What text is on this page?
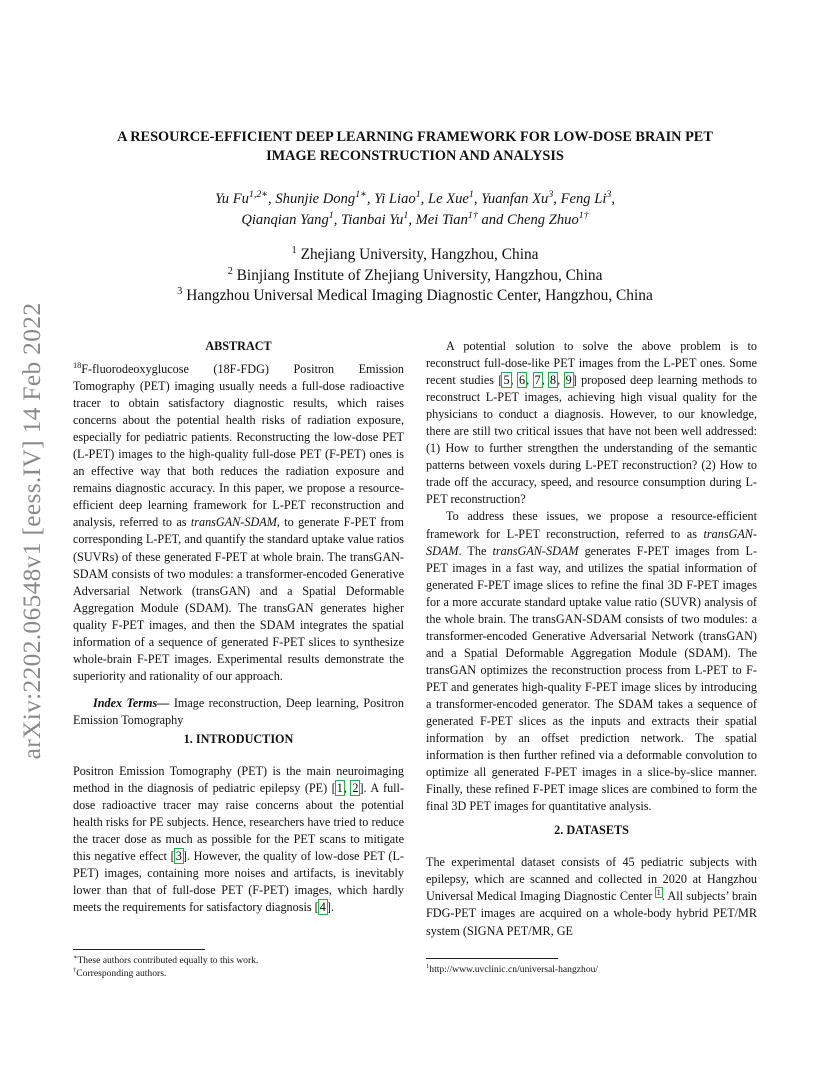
arXiv:2202.06548v1 [eess.IV] 14 Feb 2022
A RESOURCE-EFFICIENT DEEP LEARNING FRAMEWORK FOR LOW-DOSE BRAIN PET
IMAGE RECONSTRUCTION AND ANALYSIS
Yu $Fu^{1,2∗}$, Shunjie Dong$^{1∗}$, Yi Liao$^1$, Le Xue$^1$, Yuanfan Xu$^3$, Feng Li$^3$,
Qianqian Yang$^1$, Tianbai Yu$^1$, Mei Tian$^{1\dagger}$ and Cheng Zhuo$^{1\dagger}$
$^1$ Zhejiang University, Hangzhou, China
$^2$ Binjiang Institute of Zhejiang University, Hangzhou, China
$^3$ Hangzhou Universal Medical Imaging Diagnostic Center, Hangzhou, China
ABSTRACT

$^{18}$F-fluorodeoxyglucose (18F-FDG) Positron Emission Tomography (PET) imaging usually needs a full-dose radioactive tracer to obtain satisfactory diagnostic results, which raises concerns about the potential health risks of radiation exposure, especially for pediatric patients. Reconstructing the low-dose PET (L-PET) images to the high-quality full-dose PET (F-PET) ones is an effective way that both reduces the radiation exposure and remains diagnostic accuracy. In this paper, we propose a resource-efficient deep learning framework for L-PET reconstruction and analysis, referred to as transGAN-SDAM, to generate F-PET from corresponding L-PET, and quantify the standard uptake value ratios (SUVRs) of these generated F-PET at whole brain. The transGAN-SDAM consists of two modules: a transformer-encoded Generative Adversarial Network (transGAN) and a Spatial Deformable Aggregation Module (SDAM). The transGAN generates higher quality F-PET images, and then the SDAM integrates the spatial information of a sequence of generated F-PET slices to synthesize whole-brain F-PET images. Experimental results demonstrate the superiority and rationality of our approach.

Index Terms— Image reconstruction, Deep learning, Positron Emission Tomography

1. INTRODUCTION

Positron Emission Tomography (PET) is the main neuroimaging method in the diagnosis of pediatric epilepsy (PE) [1, 2]. A full-dose radioactive tracer may raise concerns about the potential health risks for PE subjects. Hence, researchers have tried to reduce the tracer dose as much as possible for the PET scans to mitigate this negative effect [3]. However, the quality of low-dose PET (L-PET) images, containing more noises and artifacts, is inevitably lower than that of full-dose PET (F-PET) images, which hardly meets the requirements for satisfactory diagnosis [4].

A potential solution to solve the above problem is to reconstruct full-dose-like PET images from the L-PET ones. Some recent studies [5, 6, 7, 8, 9] proposed deep learning methods to reconstruct L-PET images, achieving high visual quality for the physicians to conduct a diagnosis. However, to our knowledge, there are still two critical issues that have not been well addressed: (1) How to further strengthen the understanding of the semantic patterns between voxels during L-PET reconstruction? (2) How to trade off the accuracy, speed, and resource consumption during L-PET reconstruction?

To address these issues, we propose a resource-efficient framework for L-PET reconstruction, referred to as transGAN-SDAM. The transGAN-SDAM generates F-PET images from L-PET images in a fast way, and utilizes the spatial information of generated F-PET image slices to refine the final 3D F-PET images for a more accurate standard uptake value ratio (SUVR) analysis of the whole brain. The transGAN-SDAM consists of two modules: a transformer-encoded Generative Adversarial Network (transGAN) and a Spatial Deformable Aggregation Module (SDAM). The transGAN optimizes the reconstruction process from L-PET to F-PET and generates high-quality F-PET image slices by introducing a transformer-encoded generator. The SDAM takes a sequence of generated F-PET slices as the inputs and extracts their spatial information by an offset prediction network. The spatial information is then further refined via a deformable convolution to optimize all generated F-PET images in a slice-by-slice manner. Finally, these refined F-PET image slices are combined to form the final 3D PET images for quantitative analysis.

2. DATASETS

The experimental dataset consists of 45 pediatric subjects with epilepsy, which are scanned and collected in 2020 at Hangzhou Universal Medical Imaging Diagnostic Center $^1$. All subjects’ brain FDG-PET images are acquired on a whole-body hybrid PET/MR system (SIGNA PET/MR, GE

∗These authors contributed equally to this work.
†Corresponding authors.
$^1$http://www.uvclinic.cn/universal-hangzhou/
